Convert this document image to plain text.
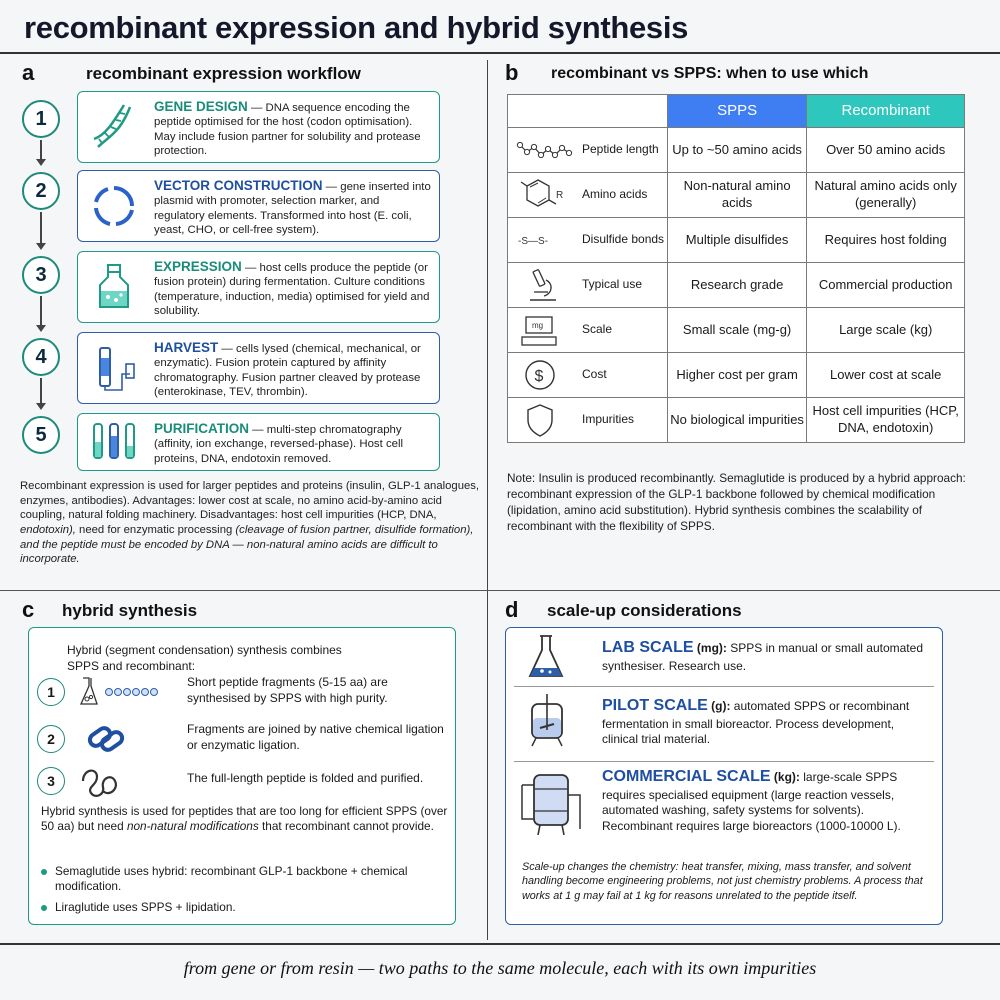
recombinant expression and hybrid synthesis
a	recombinant expression workflow
1
2
3
4
5
GENE DESIGN — DNA sequence encoding the peptide optimised for the host (codon optimisation). May include fusion partner for solubility and protease protection.
VECTOR CONSTRUCTION — gene inserted into plasmid with promoter, selection marker, and regulatory elements. Transformed into host (E. coli, yeast, CHO, or cell-free system).
EXPRESSION — host cells produce the peptide (or fusion protein) during fermentation. Culture conditions (temperature, induction, media) optimised for yield and solubility.
HARVEST — cells lysed (chemical, mechanical, or enzymatic). Fusion protein captured by affinity chromatography. Fusion partner cleaved by protease (enterokinase, TEV, thrombin).
PURIFICATION — multi-step chromatography (affinity, ion exchange, reversed-phase). Host cell proteins, DNA, endotoxin removed.
Recombinant expression is used for larger peptides and proteins (insulin, GLP-1 analogues, enzymes, antibodies). Advantages: lower cost at scale, no amino acid-by-amino acid coupling, natural folding machinery. Disadvantages: host cell impurities (HCP, DNA, endotoxin), need for enzymatic processing (cleavage of fusion partner, disulfide formation), and the peptide must be encoded by DNA — non-natural amino acids are difficult to incorporate.
b recombinant vs SPPS: when to use which
	SPPS	Recombinant

Peptide length	Up to ~50 amino acids	Over 50 amino acids

R Amino acids	Non-natural amino acids	Natural amino acids only (generally)

-S—S- Disulfide bonds	Multiple disulfides	Requires host folding

Typical use	Research grade	Commercial production

mg Scale	Small scale (mg-g)	Large scale (kg)

$ Cost	Higher cost per gram	Lower cost at scale

Impurities	No biological impurities	Host cell impurities (HCP, DNA, endotoxin)
Note: Insulin is produced recombinantly. Semaglutide is produced by a hybrid approach: recombinant expression of the GLP-1 backbone followed by chemical modification (lipidation, amino acid substitution). Hybrid synthesis combines the scalability of recombinant with the flexibility of SPPS.
c hybrid synthesis
Hybrid (segment condensation) synthesis combines SPPS and recombinant:
1
Short peptide fragments (5-15 aa) are synthesised by SPPS with high purity.
2
Fragments are joined by native chemical ligation or enzymatic ligation.
3	The full-length peptide is folded and purified.
Hybrid synthesis is used for peptides that are too long for efficient SPPS (over 50 aa) but need non-natural modifications that recombinant cannot provide.
Semaglutide uses hybrid: recombinant GLP-1 backbone + chemical modification.
Liraglutide uses SPPS + lipidation.
d scale-up considerations
LAB SCALE (mg): SPPS in manual or small automated synthesiser. Research use.
PILOT SCALE (g): automated SPPS or recombinant fermentation in small bioreactor. Process development, clinical trial material.
COMMERCIAL SCALE (kg): large-scale SPPS requires specialised equipment (large reaction vessels, automated washing, safety systems for solvents). Recombinant requires large bioreactors (1000-10000 L).
Scale-up changes the chemistry: heat transfer, mixing, mass transfer, and solvent handling become engineering problems, not just chemistry problems. A process that works at 1 g may fail at 1 kg for reasons unrelated to the peptide itself.
from gene or from resin — two paths to the same molecule, each with its own impurities
